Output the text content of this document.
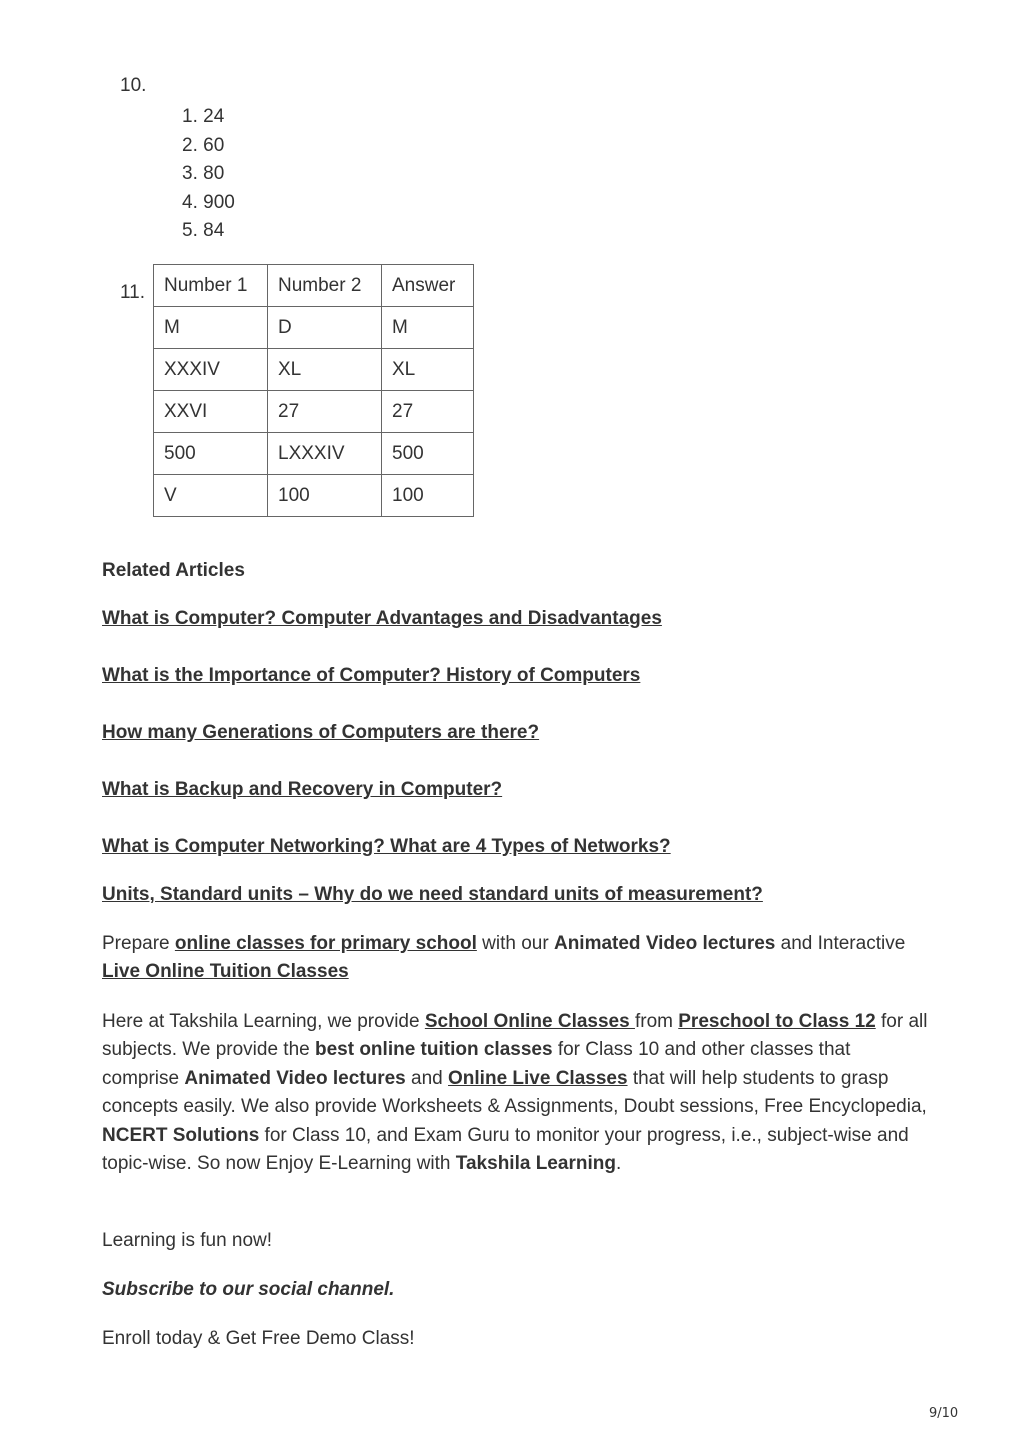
10.
1. 24
2. 60
3. 80
4. 900
5. 84
11. Number 1	Number 2	Answer
M	D	M
XXXIV	XL	XL
XXVI	27	27
500	LXXXIV	500
V	100	100
Related Articles
What is Computer? Computer Advantages and Disadvantages
What is the Importance of Computer? History of Computers
How many Generations of Computers are there?
What is Backup and Recovery in Computer?
What is Computer Networking? What are 4 Types of Networks?
Units, Standard units – Why do we need standard units of measurement?
Prepare online classes for primary school with our Animated Video lectures and Interactive Live Online Tuition Classes
Here at Takshila Learning, we provide School Online Classes from Preschool to Class 12 for all subjects. We provide the best online tuition classes for Class 10 and other classes that comprise Animated Video lectures and Online Live Classes that will help students to grasp concepts easily. We also provide Worksheets & Assignments, Doubt sessions, Free Encyclopedia, NCERT Solutions for Class 10, and Exam Guru to monitor your progress, i.e., subject-wise and topic-wise. So now Enjoy E-Learning with Takshila Learning.
Learning is fun now!
Subscribe to our social channel.
Enroll today & Get Free Demo Class!
9/10
